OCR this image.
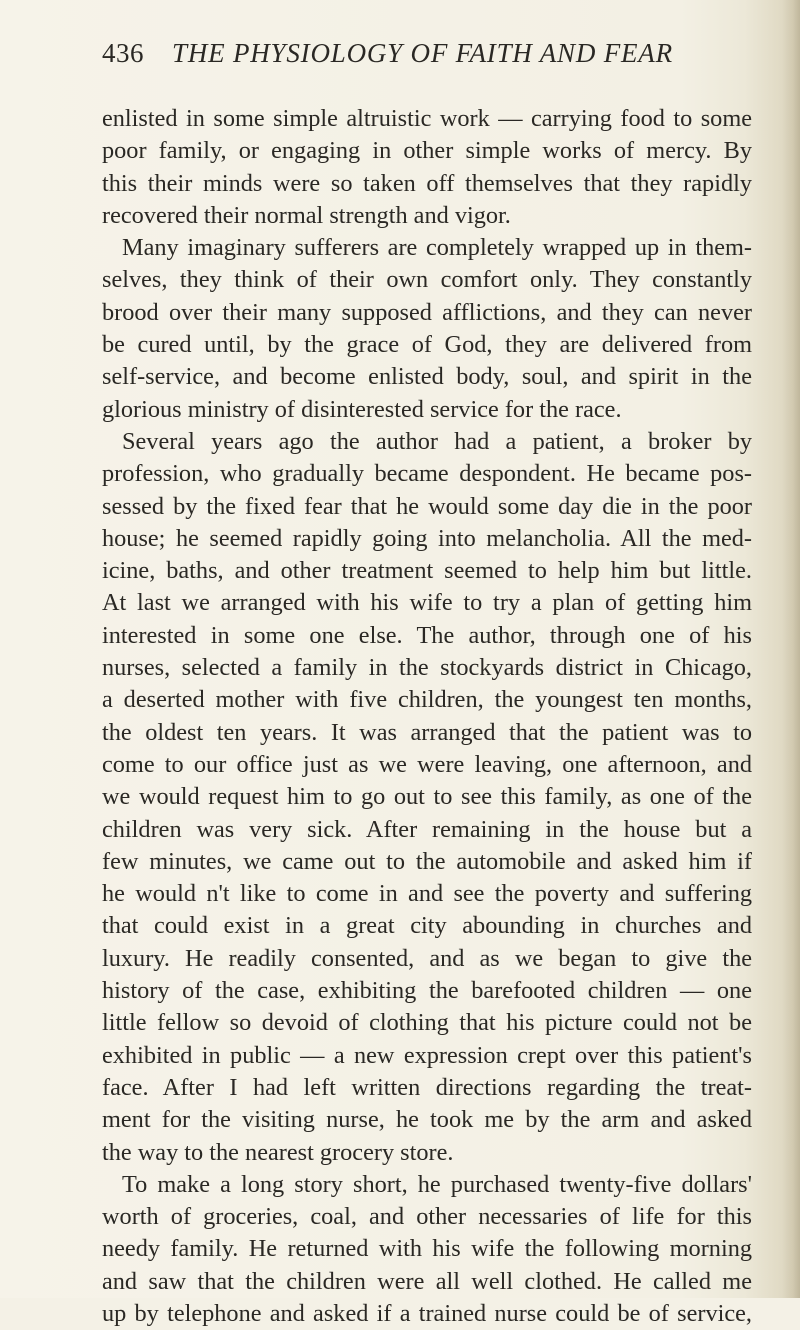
436 THE PHYSIOLOGY OF FAITH AND FEAR
enlisted in some simple altruistic work — carrying food to some
poor family, or engaging in other simple works of mercy. By
this their minds were so taken off themselves that they rapidly
recovered their normal strength and vigor.
Many imaginary sufferers are completely wrapped up in them-
selves, they think of their own comfort only. They constantly
brood over their many supposed afflictions, and they can never
be cured until, by the grace of God, they are delivered from
self-service, and become enlisted body, soul, and spirit in the
glorious ministry of disinterested service for the race.
Several years ago the author had a patient, a broker by
profession, who gradually became despondent. He became pos-
sessed by the fixed fear that he would some day die in the poor
house; he seemed rapidly going into melancholia. All the med-
icine, baths, and other treatment seemed to help him but little.
At last we arranged with his wife to try a plan of getting him
interested in some one else. The author, through one of his
nurses, selected a family in the stockyards district in Chicago,
a deserted mother with five children, the youngest ten months,
the oldest ten years. It was arranged that the patient was to
come to our office just as we were leaving, one afternoon, and
we would request him to go out to see this family, as one of the
children was very sick. After remaining in the house but a
few minutes, we came out to the automobile and asked him if
he would n't like to come in and see the poverty and suffering
that could exist in a great city abounding in churches and
luxury. He readily consented, and as we began to give the
history of the case, exhibiting the barefooted children — one
little fellow so devoid of clothing that his picture could not be
exhibited in public — a new expression crept over this patient's
face. After I had left written directions regarding the treat-
ment for the visiting nurse, he took me by the arm and asked
the way to the nearest grocery store.
To make a long story short, he purchased twenty-five dollars'
worth of groceries, coal, and other necessaries of life for this
needy family. He returned with his wife the following morning
and saw that the children were all well clothed. He called me
up by telephone and asked if a trained nurse could be of service,
